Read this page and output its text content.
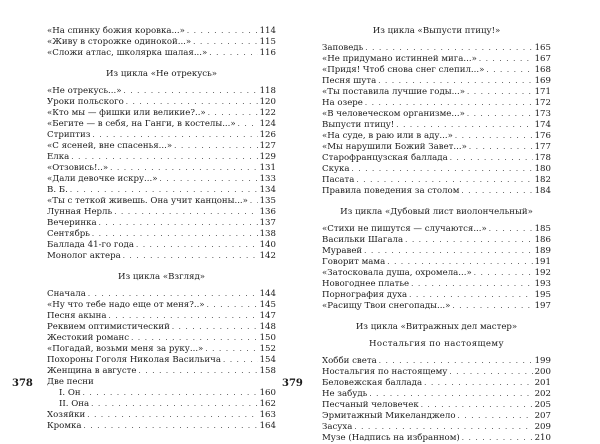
«На спинку божия коровка...» . . .	114
«Живу в сторожке одинокой...» . . .	115
«Сложи атлас, школярка шалая...» . . .	116
Из цикла «Не отрекусь»
«Не отрекусь...» . . .	118
Уроки польского . . .	120
«Кто мы — фишки или великие?..» . . .	122
«Бегите — в себя, на Ганги, в костелы...» . . .	124
Стриптиз . . .	126
«С ясеней, вне спасенья...» . . .	127
Елка . . .	129
«Отзовись!..» . . .	131
«Дали девочке искру...» . . .	133
В. Б. . . .	134
«Ты с теткой живешь. Она учит канцоны...» . . . 135
Лунная Нерль . . .	136
Вечеринка . . .	137
Сентябрь . . .	138
Баллада 41-го года . . .	140
Монолог актера . . .	142
Из цикла «Взгляд»
Сначала . . .	144
«Ну что тебе надо еще от меня?..» . . .	145
Песня акына . . .	147
Реквием оптимистический . . .	148
Жестокий романс . . .	150
«Погадай, возьми меня за руку...» . . .	152
Похороны Гоголя Николая Васильича . . .	154
Женщина в августе . . .	158
Две песни
I. Он . . .	160
II. Она . . .	162
Хозяйки . . .	163
Кромка . . .	164
Из цикла «Выпусти птицу!»
Заповедь . . .	165
«Не придумано истинней мига...» . . .	167
«Придя! Чтоб снова снег слепил...» . . .	168
Песня шута . . .	169
«Ты поставила лучшие годы...» . . .	171
На озере . . .	172
«В человеческом организме...» . . .	173
Выпусти птицу! . . .	174
«На суде, в раю или в аду...» . . .	176
«Мы нарушили Божий Завет...» . . .	177
Старофранцузская баллада . . .	178
Скука . . .	180
Пасата . . .	182
Правила поведения за столом . . .	184
Из цикла «Дубовый лист виолончельный»
«Стихи не пишутся — случаются...» . . .	185
Васильки Шагала . . .	186
Муравей . . .	189
Говорит мама . . .	191
«Затосковала душа, охромела...» . . .	192
Новогоднее платье . . .	193
Порнография духа . . .	195
«Расищу Твои снегопады...» . . .	197
Из цикла «Витражных дел мастер»
Ностальгия по настоящему
Хобби света . . .	199
Ностальгия по настоящему . . .	200
Беловежская баллада . . .	201
Не забудь . . .	202
Песчаный человечек . . .	205
Эрмитажный Микеланджело . . .	207
Засуха . . .	209
Музе (Надпись на избранном) . . .	210
378	379
